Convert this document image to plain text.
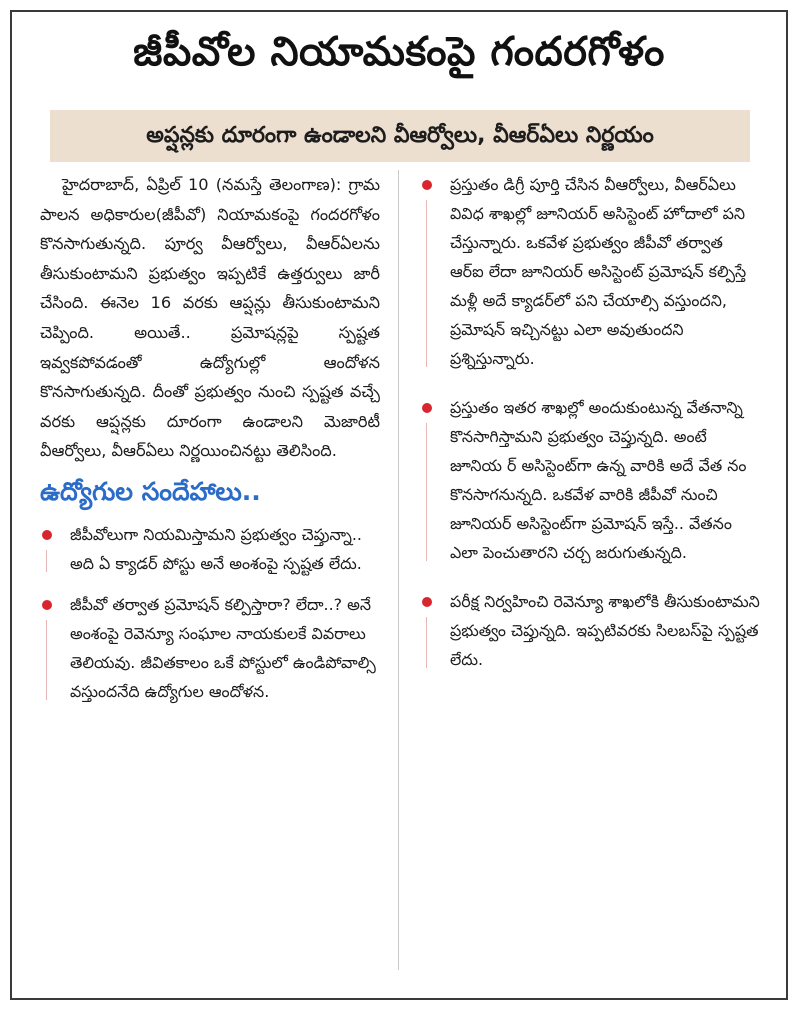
జీపీవోల నియామకంపై గందరగోళం
అప్షన్లకు దూరంగా ఉండాలని వీఆర్వోలు, వీఆర్ఏలు నిర్ణయం

హైదరాబాద్, ఏప్రిల్ 10 (నమస్తే తెలంగాణ): గ్రామ పాలన అధికారుల(జీపీవో) నియామకంపై గందరగోళం కొనసాగుతున్నది. పూర్వ వీఆర్వోలు, వీఆర్ఏలను తీసుకుంటామని ప్రభుత్వం ఇప్పటికే ఉత్తర్వులు జారీ చేసింది. ఈనెల 16 వరకు ఆప్షన్లు తీసుకుంటామని చెప్పింది. అయితే.. ప్రమోషన్లపై స్పష్టత ఇవ్వకపోవడంతో ఉద్యోగుల్లో ఆందోళన కొనసాగుతున్నది. దీంతో ప్రభుత్వం నుంచి స్పష్టత వచ్చే వరకు ఆప్షన్లకు దూరంగా ఉండాలని మెజారిటీ వీఆర్వోలు, వీఆర్ఏలు నిర్ణయించినట్టు తెలిసింది.

ఉద్యోగుల సందేహాలు..

జీపీవోలుగా నియమిస్తామని ప్రభుత్వం చెప్తున్నా.. అది ఏ క్యాడర్ పోస్టు అనే అంశంపై స్పష్టత లేదు.

జీపీవో తర్వాత ప్రమోషన్ కల్పిస్తారా? లేదా..? అనే అంశంపై రెవెన్యూ సంఘాల నాయకులకే వివరాలు తెలియవు. జీవితకాలం ఒకే పోస్టులో ఉండిపోవాల్సి వస్తుందనేది ఉద్యోగుల ఆందోళన.

ప్రస్తుతం డిగ్రీ పూర్తి చేసిన వీఆర్వోలు, వీఆర్ఏలు వివిధ శాఖల్లో జూనియర్ అసిస్టెంట్ హోదాలో పని చేస్తున్నారు. ఒకవేళ ప్రభుత్వం జీపీవో తర్వాత ఆర్ఐ లేదా జూనియర్ అసిస్టెంట్ ప్రమోషన్ కల్పిస్తే మళ్లీ అదే క్యాడర్‌లో పని చేయాల్సి వస్తుందని, ప్రమోషన్ ఇచ్చినట్టు ఎలా అవుతుందని ప్రశ్నిస్తున్నారు.

ప్రస్తుతం ఇతర శాఖల్లో అందుకుంటున్న వేతనాన్ని కొనసాగిస్తామని ప్రభుత్వం చెప్తున్నది. అంటే జూనియ ర్ అసిస్టెంట్‌గా ఉన్న వారికి అదే వేత నం కొనసాగనున్నది. ఒకవేళ వారికి జీపీవో నుంచి జూనియర్ అసిస్టెంట్‌గా ప్రమోషన్ ఇస్తే.. వేతనం ఎలా పెంచుతారని చర్చ జరుగుతున్నది.

పరీక్ష నిర్వహించి రెవెన్యూ శాఖలోకి తీసుకుంటామని ప్రభుత్వం చెప్తున్నది. ఇప్పటివరకు సిలబస్‌పై స్పష్టత లేదు.
